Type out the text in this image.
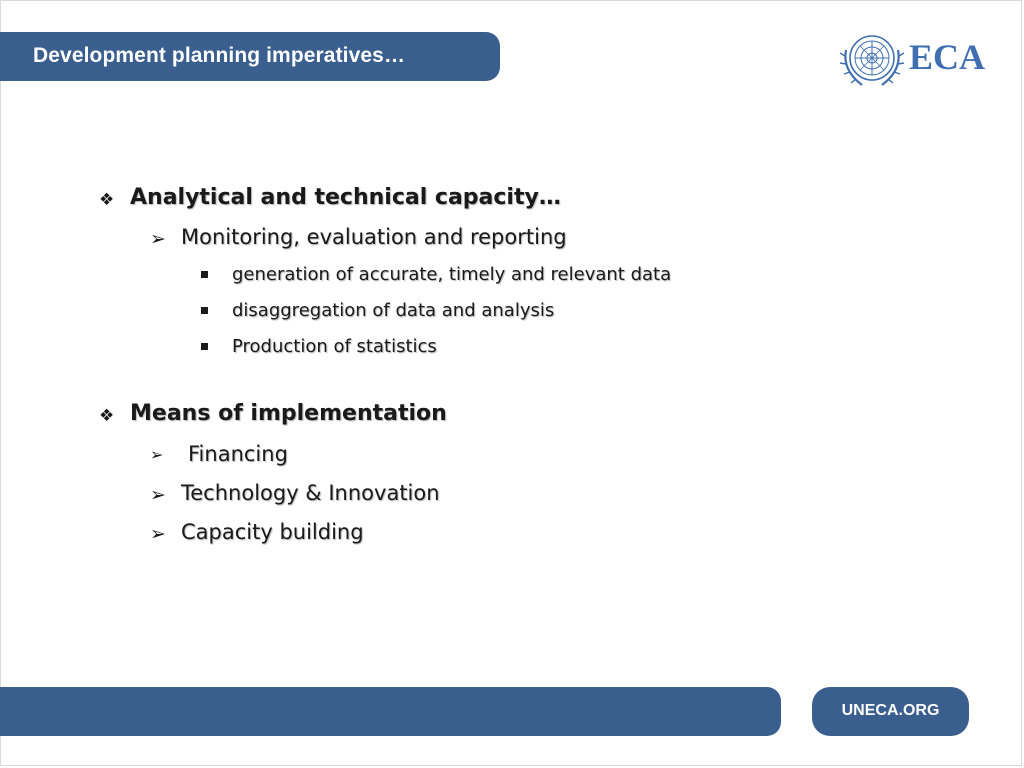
Development planning imperatives…	ECA
❖ Analytical and technical capacity…
➢ Monitoring, evaluation and reporting
generation of accurate, timely and relevant data
disaggregation of data and analysis
Production of statistics
❖ Means of implementation
➢ Financing
➢ Technology & Innovation
➢ Capacity building
UNECA.ORG
